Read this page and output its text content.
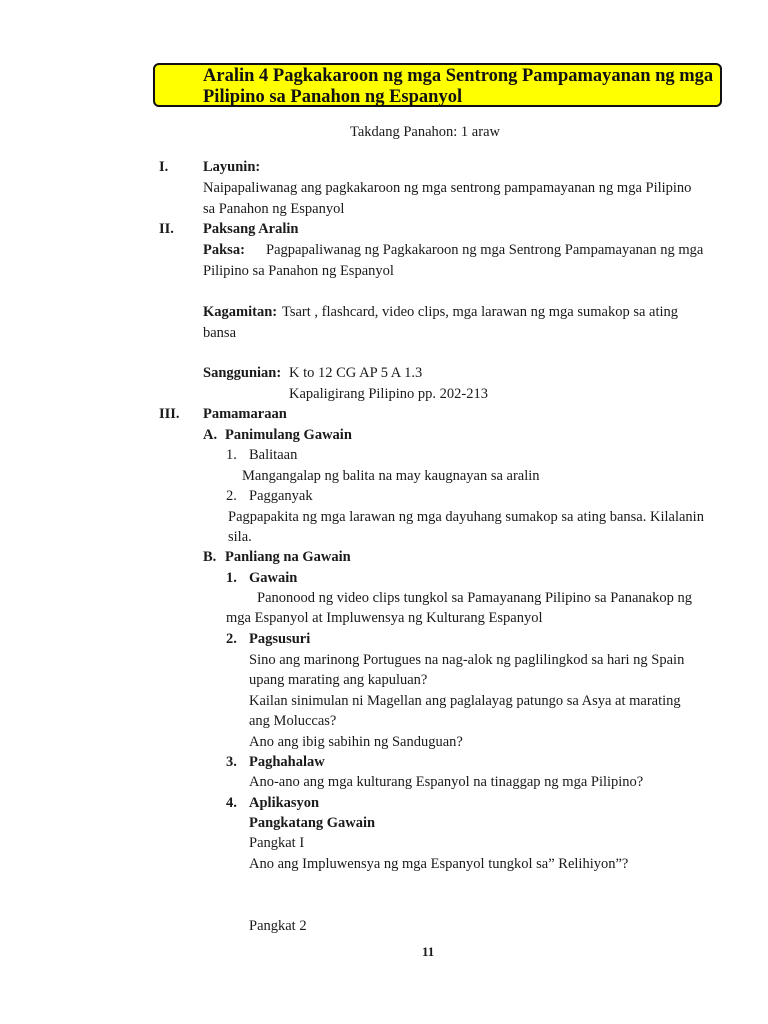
Aralin 4 Pagkakaroon ng mga Sentrong Pampamayanan ng mga
Pilipino sa Panahon ng Espanyol
Takdang Panahon: 1 araw
I. Layunin:
Naipapaliwanag ang pagkakaroon ng mga sentrong pampamayanan ng mga Pilipino
sa Panahon ng Espanyol
II. Paksang Aralin
Paksa: Pagpapaliwanag ng Pagkakaroon ng mga Sentrong Pampamayanan ng mga
Pilipino sa Panahon ng Espanyol
Kagamitan: Tsart , flashcard, video clips, mga larawan ng mga sumakop sa ating
bansa
Sanggunian: K to 12 CG AP 5 A 1.3
Kapaligirang Pilipino pp. 202-213
III. Pamamaraan
A. Panimulang Gawain
1. Balitaan
Mangangalap ng balita na may kaugnayan sa aralin
2. Pagganyak
Pagpapakita ng mga larawan ng mga dayuhang sumakop sa ating bansa. Kilalanin
sila.
B. Panliang na Gawain
1. Gawain
Panonood ng video clips tungkol sa Pamayanang Pilipino sa Pananakop ng
mga Espanyol at Impluwensya ng Kulturang Espanyol
2. Pagsusuri
Sino ang marinong Portugues na nag-alok ng paglilingkod sa hari ng Spain
upang marating ang kapuluan?
Kailan sinimulan ni Magellan ang paglalayag patungo sa Asya at marating
ang Moluccas?
Ano ang ibig sabihin ng Sanduguan?
3. Paghahalaw
Ano-ano ang mga kulturang Espanyol na tinaggap ng mga Pilipino?
4. Aplikasyon
Pangkatang Gawain
Pangkat I
Ano ang Impluwensya ng mga Espanyol tungkol sa” Relihiyon”?
Pangkat 2
11
